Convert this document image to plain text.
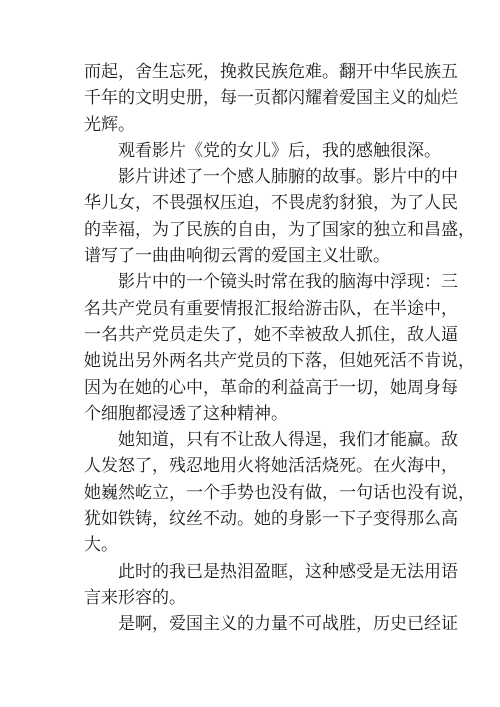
而起，舍生忘死，挽救民族危难。翻开中华民族五
千年的文明史册，每一页都闪耀着爱国主义的灿烂
光辉。
观看影片《党的女儿》后，我的感触很深。
影片讲述了一个感人肺腑的故事。影片中的中
华儿女，不畏强权压迫，不畏虎豹豺狼，为了人民
的幸福，为了民族的自由，为了国家的独立和昌盛，
谱写了一曲曲响彻云霄的爱国主义壮歌。
影片中的一个镜头时常在我的脑海中浮现：三
名共产党员有重要情报汇报给游击队，在半途中，
一名共产党员走失了，她不幸被敌人抓住，敌人逼
她说出另外两名共产党员的下落，但她死活不肯说，
因为在她的心中，革命的利益高于一切，她周身每
个细胞都浸透了这种精神。
她知道，只有不让敌人得逞，我们才能赢。敌
人发怒了，残忍地用火将她活活烧死。在火海中，
她巍然屹立，一个手势也没有做，一句话也没有说，
犹如铁铸，纹丝不动。她的身影一下子变得那么高
大。
此时的我已是热泪盈眶，这种感受是无法用语
言来形容的。
是啊，爱国主义的力量不可战胜，历史已经证
